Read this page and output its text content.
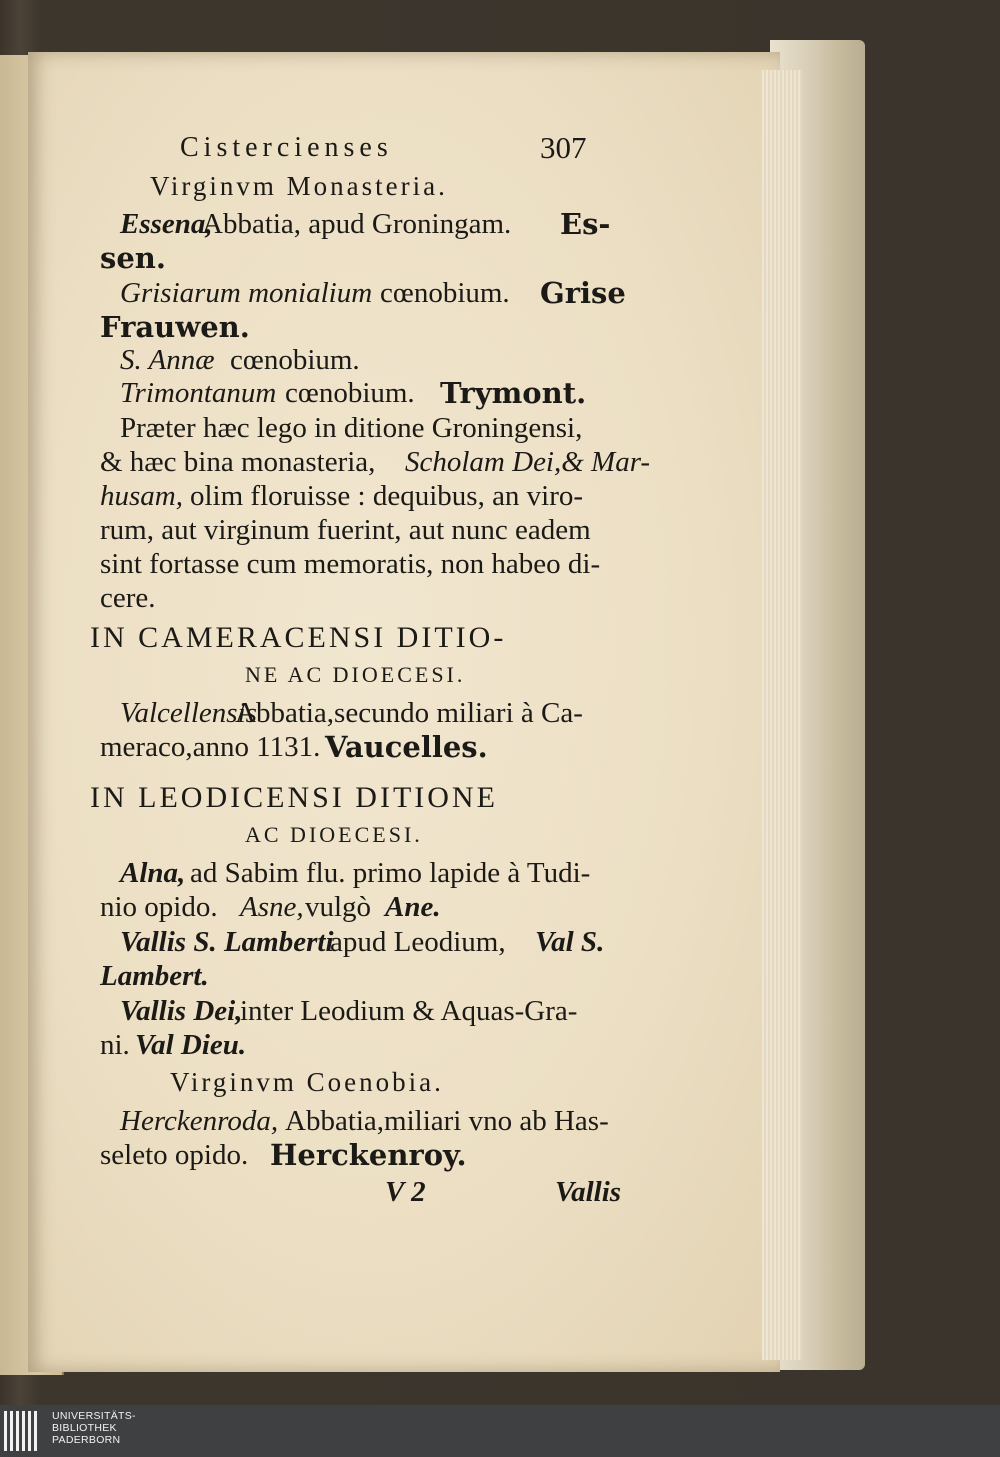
Cistercienses	307
Virginvm Monasteria.
Essena,
Abbatia, apud Groningam. Es-
sen.
Grisiarum monialium cœnobium. Grise
Frauwen.
S. Annæ cœnobium.
Trimontanum cœnobium. Trymont.
Præter hæc lego in ditione Groningensi,
& hæc bina monasteria, Scholam Dei,& Mar-
husam, olim floruisse : dequibus, an viro-
rum, aut virginum fuerint, aut nunc eadem
sint fortasse cum memoratis, non habeo di-
cere.
IN CAMERACENSI DITIO-
NE AC DIOECESI.
Valcellensis
Abbatia,secundo miliari à Ca-
meraco,anno 1131. Vaucelles.
IN LEODICENSI DITIONE
AC DIOECESI.
Alna, ad Sabim flu. primo lapide à Tudi-
nio opido. Asne, vulgò Ane.
Vallis S. Lamberti
apud Leodium, Val S.
Lambert.
Vallis Dei,
inter Leodium & Aquas-Gra-
ni. Val Dieu.
Virginvm Coenobia.
Herckenroda, Abbatia,miliari vno ab Has-
seleto opido. Herckenroy.
V 2	Vallis
UNIVERSITÄTS-
BIBLIOTHEK
PADERBORN
